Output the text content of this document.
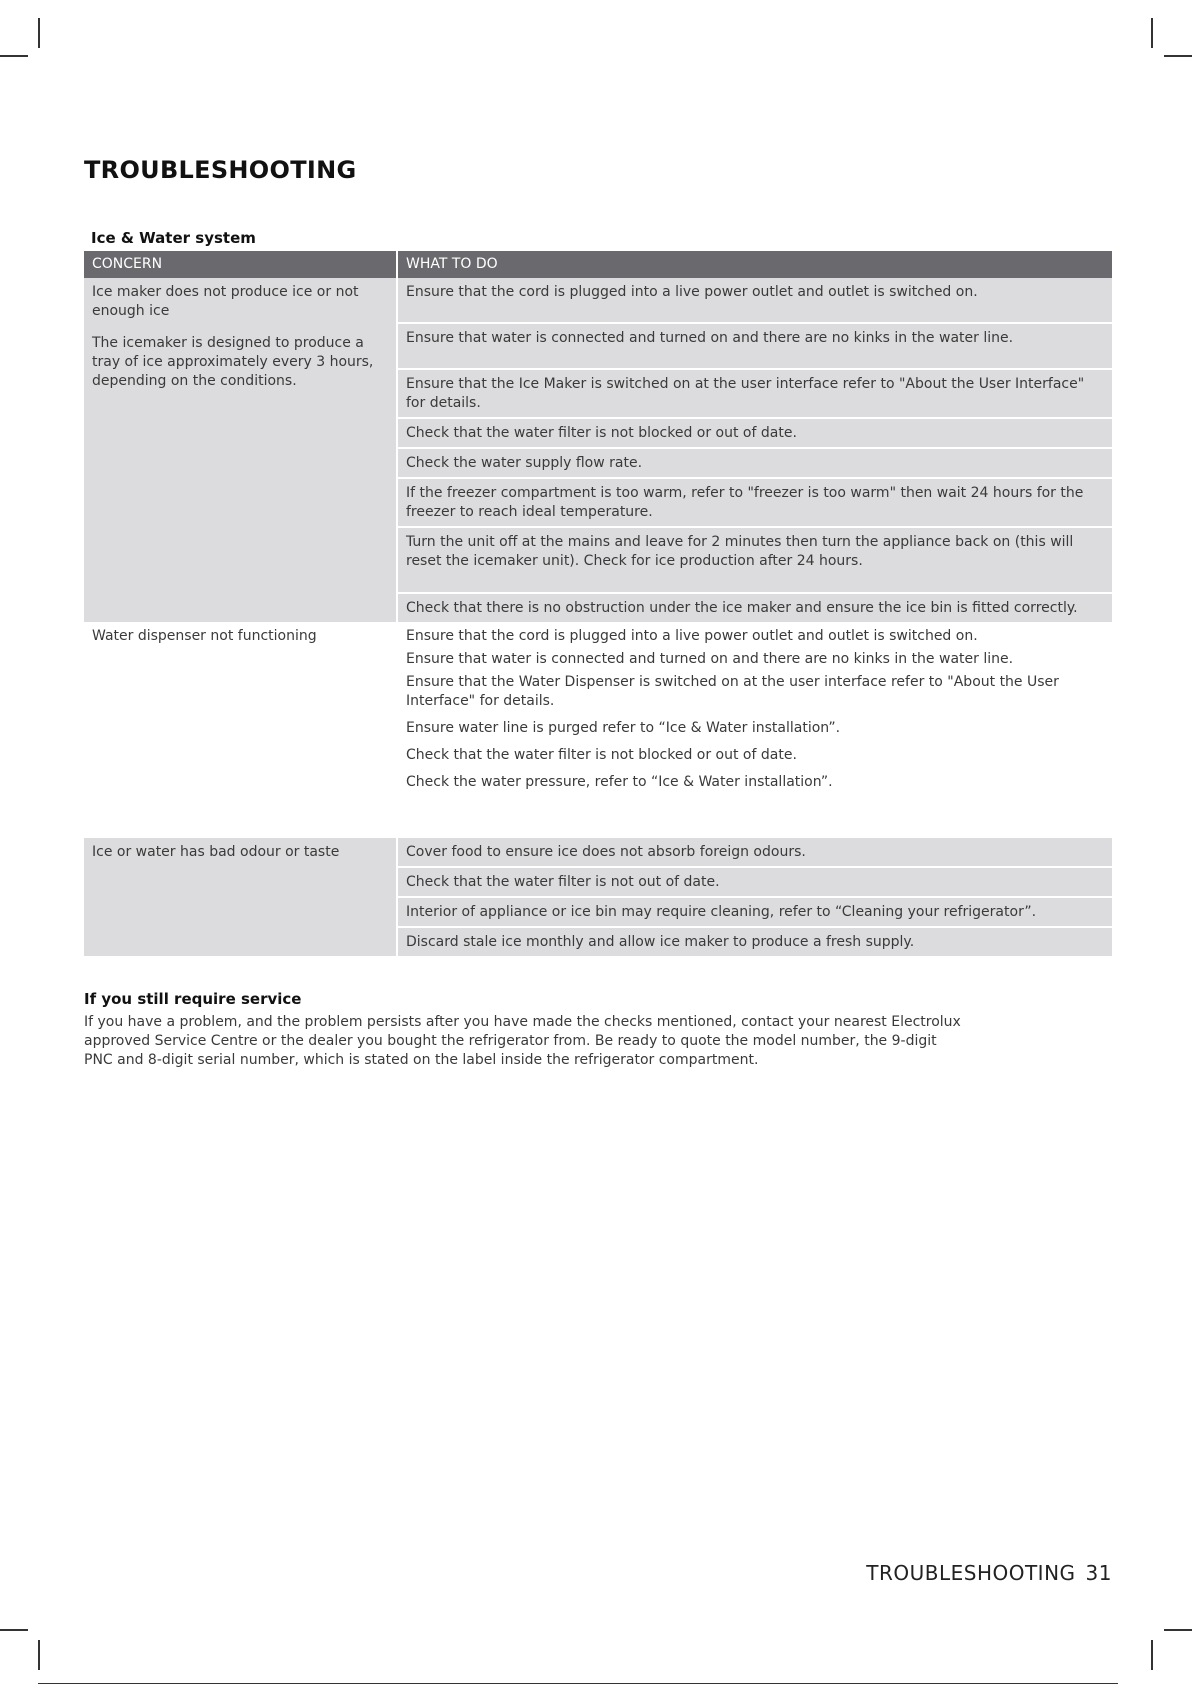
TROUBLESHOOTING
Ice & Water system
CONCERN	WHAT TO DO

Ice maker does not produce ice or not enough ice

The icemaker is designed to produce a tray of ice approximately every 3 hours, depending on the conditions.	Ensure that the cord is plugged into a live power outlet and outlet is switched on.
	Ensure that water is connected and turned on and there are no kinks in the water line.
	Ensure that the Ice Maker is switched on at the user interface refer to "About the User Interface" for details.
	Check that the water filter is not blocked or out of date.
	Check the water supply flow rate.
	If the freezer compartment is too warm, refer to "freezer is too warm" then wait 24 hours for the freezer to reach ideal temperature.
	Turn the unit off at the mains and leave for 2 minutes then turn the appliance back on (this will reset the icemaker unit). Check for ice production after 24 hours.
	Check that there is no obstruction under the ice maker and ensure the ice bin is fitted correctly.
Water dispenser not functioning	Ensure that the cord is plugged into a live power outlet and outlet is switched on.
	Ensure that water is connected and turned on and there are no kinks in the water line.
	Ensure that the Water Dispenser is switched on at the user interface refer to "About the User Interface" for details.
	Ensure water line is purged refer to “Ice & Water installation”.
	Check that the water filter is not blocked or out of date.
	Check the water pressure, refer to “Ice & Water installation”.

Ice or water has bad odour or taste	Cover food to ensure ice does not absorb foreign odours.
	Check that the water filter is not out of date.
	Interior of appliance or ice bin may require cleaning, refer to “Cleaning your refrigerator”.
	Discard stale ice monthly and allow ice maker to produce a fresh supply.
If you still require service
If you have a problem, and the problem persists after you have made the checks mentioned, contact your nearest Electrolux approved Service Centre or the dealer you bought the refrigerator from. Be ready to quote the model number, the 9-digit PNC and 8-digit serial number, which is stated on the label inside the refrigerator compartment.
TROUBLESHOOTING 31
